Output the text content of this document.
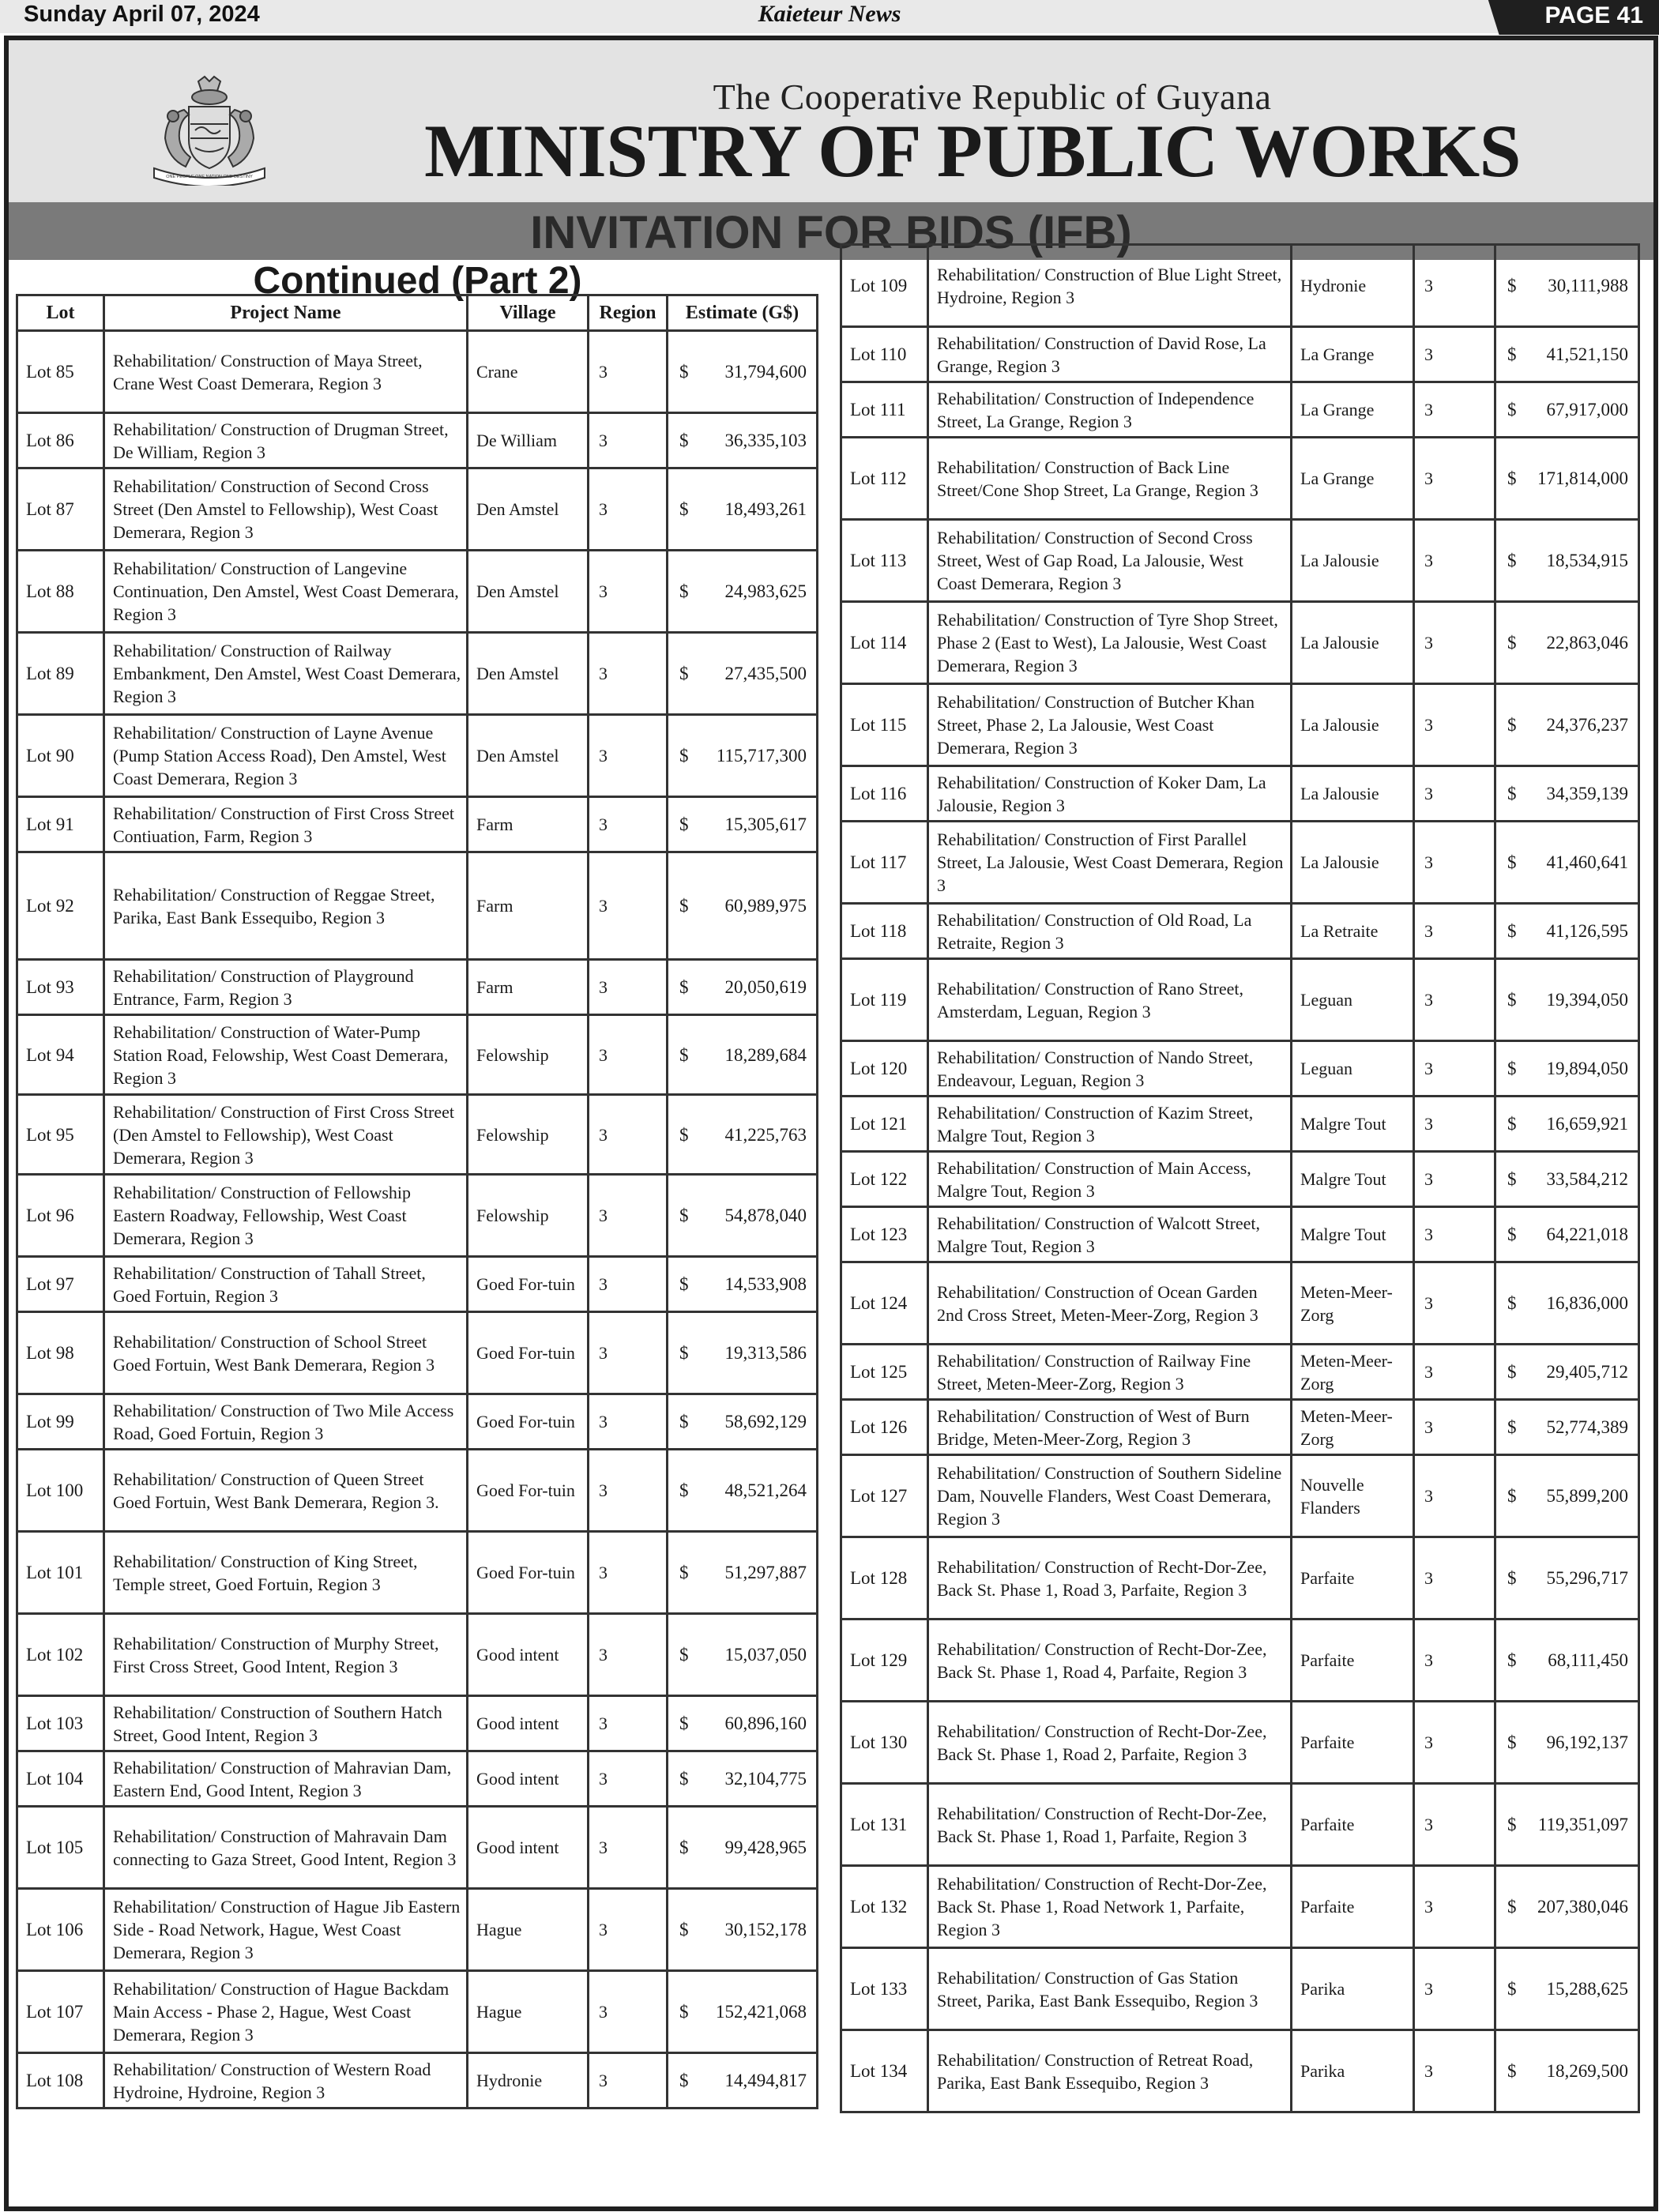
Sunday April 07, 2024	Kaieteur News	PAGE 41
ONE PEOPLE ONE NATION ONE DESTINY
The Cooperative Republic of Guyana
MINISTRY OF PUBLIC WORKS
INVITATION FOR BIDS (IFB)
Continued (Part 2)
Lot	Project Name	Village	Region	Estimate (G$)
Lot 85	Rehabilitation/ Construction of Maya Street, Crane West Coast Demerara, Region 3	Crane	3	$ 31,794,600

Lot 86	Rehabilitation/ Construction of Drugman Street, De William, Region 3	De William	3	$ 36,335,103

Lot 87	Rehabilitation/ Construction of Second Cross Street (Den Amstel to Fellowship), West Coast Demerara, Region 3	Den Amstel	3	$ 18,493,261

Lot 88	Rehabilitation/ Construction of Langevine Continuation, Den Amstel, West Coast Demerara, Region 3	Den Amstel	3	$ 24,983,625

Lot 89	Rehabilitation/ Construction of Railway Embankment, Den Amstel, West Coast Demerara, Region 3	Den Amstel	3	$ 27,435,500

Lot 90	Rehabilitation/ Construction of Layne Avenue (Pump Station Access Road), Den Amstel, West Coast Demerara, Region 3	Den Amstel	3	$ 115,717,300

Lot 91	Rehabilitation/ Construction of First Cross Street Contiuation, Farm, Region 3	Farm	3	$ 15,305,617

Lot 92	Rehabilitation/ Construction of Reggae Street, Parika, East Bank Essequibo, Region 3	Farm	3	$ 60,989,975

Lot 93	Rehabilitation/ Construction of Playground Entrance, Farm, Region 3	Farm	3	$ 20,050,619

Lot 94	Rehabilitation/ Construction of Water-Pump Station Road, Felowship, West Coast Demerara, Region 3	Felowship	3	$ 18,289,684

Lot 95	Rehabilitation/ Construction of First Cross Street (Den Amstel to Fellowship), West Coast Demerara, Region 3	Felowship	3	$ 41,225,763

Lot 96	Rehabilitation/ Construction of Fellowship Eastern Roadway, Fellowship, West Coast Demerara, Region 3	Felowship	3	$ 54,878,040

Lot 97	Rehabilitation/ Construction of Tahall Street, Goed Fortuin, Region 3	Goed For-tuin	3	$ 14,533,908

Lot 98	Rehabilitation/ Construction of School Street Goed Fortuin, West Bank Demerara, Region 3	Goed For-tuin	3	$ 19,313,586

Lot 99	Rehabilitation/ Construction of Two Mile Access Road, Goed Fortuin, Region 3	Goed For-tuin	3	$ 58,692,129

Lot 100	Rehabilitation/ Construction of Queen Street Goed Fortuin, West Bank Demerara, Region 3.	Goed For-tuin	3	$ 48,521,264

Lot 101	Rehabilitation/ Construction of King Street, Temple street, Goed Fortuin, Region 3	Goed For-tuin	3	$ 51,297,887

Lot 102	Rehabilitation/ Construction of Murphy Street, First Cross Street, Good Intent, Region 3	Good intent	3	$ 15,037,050

Lot 103	Rehabilitation/ Construction of Southern Hatch Street, Good Intent, Region 3	Good intent	3	$ 60,896,160

Lot 104	Rehabilitation/ Construction of Mahravian Dam, Eastern End, Good Intent, Region 3	Good intent	3	$ 32,104,775

Lot 105	Rehabilitation/ Construction of Mahravain Dam connecting to Gaza Street, Good Intent, Region 3	Good intent	3	$ 99,428,965

Lot 106	Rehabilitation/ Construction of Hague Jib Eastern Side - Road Network, Hague, West Coast Demerara, Region 3	Hague	3	$ 30,152,178

Lot 107	Rehabilitation/ Construction of Hague Backdam Main Access - Phase 2, Hague, West Coast Demerara, Region 3	Hague	3	$ 152,421,068

Lot 108	Rehabilitation/ Construction of Western Road Hydroine, Hydroine, Region 3	Hydronie	3	$ 14,494,817
Lot 109	Rehabilitation/ Construction of Blue Light Street, Hydroine, Region 3	Hydronie	3	$ 30,111,988

Lot 110	Rehabilitation/ Construction of David Rose, La Grange, Region 3	La Grange	3	$ 41,521,150

Lot 111	Rehabilitation/ Construction of Independence Street, La Grange, Region 3	La Grange	3	$ 67,917,000

Lot 112	Rehabilitation/ Construction of Back Line Street/Cone Shop Street, La Grange, Region 3	La Grange	3	$ 171,814,000

Lot 113	Rehabilitation/ Construction of Second Cross Street, West of Gap Road, La Jalousie, West Coast Demerara, Region 3	La Jalousie	3	$ 18,534,915

Lot 114	Rehabilitation/ Construction of Tyre Shop Street, Phase 2 (East to West), La Jalousie, West Coast Demerara, Region 3	La Jalousie	3	$ 22,863,046

Lot 115	Rehabilitation/ Construction of Butcher Khan Street, Phase 2, La Jalousie, West Coast Demerara, Region 3	La Jalousie	3	$ 24,376,237

Lot 116	Rehabilitation/ Construction of Koker Dam, La Jalousie, Region 3	La Jalousie	3	$ 34,359,139

Lot 117	Rehabilitation/ Construction of First Parallel Street, La Jalousie, West Coast Demerara, Region 3	La Jalousie	3	$ 41,460,641

Lot 118	Rehabilitation/ Construction of Old Road, La Retraite, Region 3	La Retraite	3	$ 41,126,595

Lot 119	Rehabilitation/ Construction of Rano Street, Amsterdam, Leguan, Region 3	Leguan	3	$ 19,394,050

Lot 120	Rehabilitation/ Construction of Nando Street, Endeavour, Leguan, Region 3	Leguan	3	$ 19,894,050

Lot 121	Rehabilitation/ Construction of Kazim Street, Malgre Tout, Region 3	Malgre Tout	3	$ 16,659,921

Lot 122	Rehabilitation/ Construction of Main Access, Malgre Tout, Region 3	Malgre Tout	3	$ 33,584,212

Lot 123	Rehabilitation/ Construction of Walcott Street, Malgre Tout, Region 3	Malgre Tout	3	$ 64,221,018

Lot 124	Rehabilitation/ Construction of Ocean Garden 2nd Cross Street, Meten-Meer-Zorg, Region 3	Meten-Meer-Zorg	3	$ 16,836,000

Lot 125	Rehabilitation/ Construction of Railway Fine Street, Meten-Meer-Zorg, Region 3	Meten-Meer-Zorg	3	$ 29,405,712

Lot 126	Rehabilitation/ Construction of West of Burn Bridge, Meten-Meer-Zorg, Region 3	Meten-Meer-Zorg	3	$ 52,774,389

Lot 127	Rehabilitation/ Construction of Southern Sideline Dam, Nouvelle Flanders, West Coast Demerara, Region 3	Nouvelle Flanders	3	$ 55,899,200

Lot 128	Rehabilitation/ Construction of Recht-Dor-Zee, Back St. Phase 1, Road 3, Parfaite, Region 3	Parfaite	3	$ 55,296,717

Lot 129	Rehabilitation/ Construction of Recht-Dor-Zee, Back St. Phase 1, Road 4, Parfaite, Region 3	Parfaite	3	$ 68,111,450

Lot 130	Rehabilitation/ Construction of Recht-Dor-Zee, Back St. Phase 1, Road 2, Parfaite, Region 3	Parfaite	3	$ 96,192,137

Lot 131	Rehabilitation/ Construction of Recht-Dor-Zee, Back St. Phase 1, Road 1, Parfaite, Region 3	Parfaite	3	$ 119,351,097

Lot 132	Rehabilitation/ Construction of Recht-Dor-Zee, Back St. Phase 1, Road Network 1, Parfaite, Region 3	Parfaite	3	$ 207,380,046

Lot 133	Rehabilitation/ Construction of Gas Station Street, Parika, East Bank Essequibo, Region 3	Parika	3	$ 15,288,625

Lot 134	Rehabilitation/ Construction of Retreat Road, Parika, East Bank Essequibo, Region 3	Parika	3	$ 18,269,500
